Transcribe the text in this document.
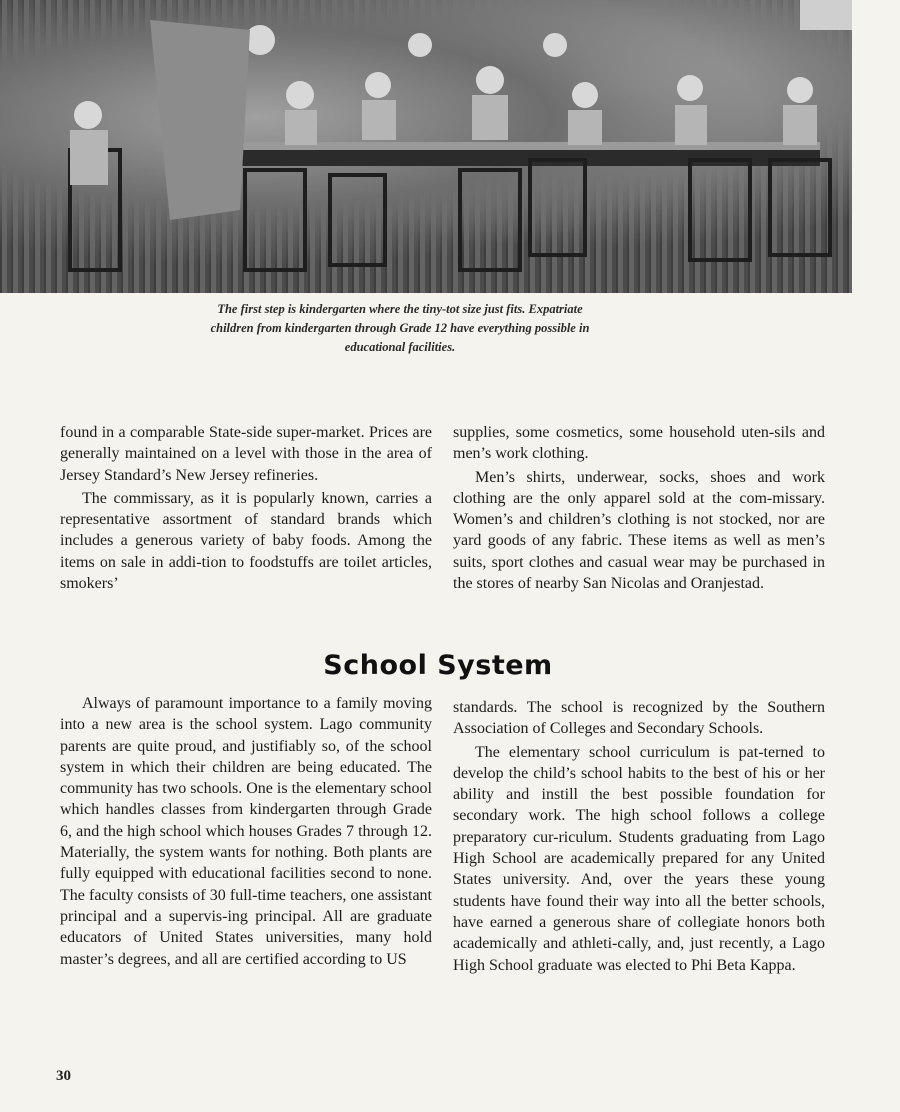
The first step is kindergarten where the tiny-tot size just fits. Expatriate
children from kindergarten through Grade 12 have everything possible in
educational facilities.

found in a comparable State-side super-market. Prices are generally maintained on a level with those in the area of Jersey Standard’s New Jersey refineries.

The commissary, as it is popularly known, carries a representative assortment of standard brands which includes a generous variety of baby foods. Among the items on sale in addi-tion to foodstuffs are toilet articles, smokers’

supplies, some cosmetics, some household uten-sils and men’s work clothing.

Men’s shirts, underwear, socks, shoes and work clothing are the only apparel sold at the com-missary. Women’s and children’s clothing is not stocked, nor are yard goods of any fabric. These items as well as men’s suits, sport clothes and casual wear may be purchased in the stores of nearby San Nicolas and Oranjestad.

School System

Always of paramount importance to a family moving into a new area is the school system. Lago community parents are quite proud, and justifiably so, of the school system in which their children are being educated. The community has two schools. One is the elementary school which handles classes from kindergarten through Grade 6, and the high school which houses Grades 7 through 12. Materially, the system wants for nothing. Both plants are fully equipped with educational facilities second to none. The faculty consists of 30 full-time teachers, one assistant principal and a supervis-ing principal. All are graduate educators of United States universities, many hold master’s degrees, and all are certified according to US

standards. The school is recognized by the Southern Association of Colleges and Secondary Schools.

The elementary school curriculum is pat-terned to develop the child’s school habits to the best of his or her ability and instill the best possible foundation for secondary work. The high school follows a college preparatory cur-riculum. Students graduating from Lago High School are academically prepared for any United States university. And, over the years these young students have found their way into all the better schools, have earned a generous share of collegiate honors both academically and athleti-cally, and, just recently, a Lago High School graduate was elected to Phi Beta Kappa.

30
